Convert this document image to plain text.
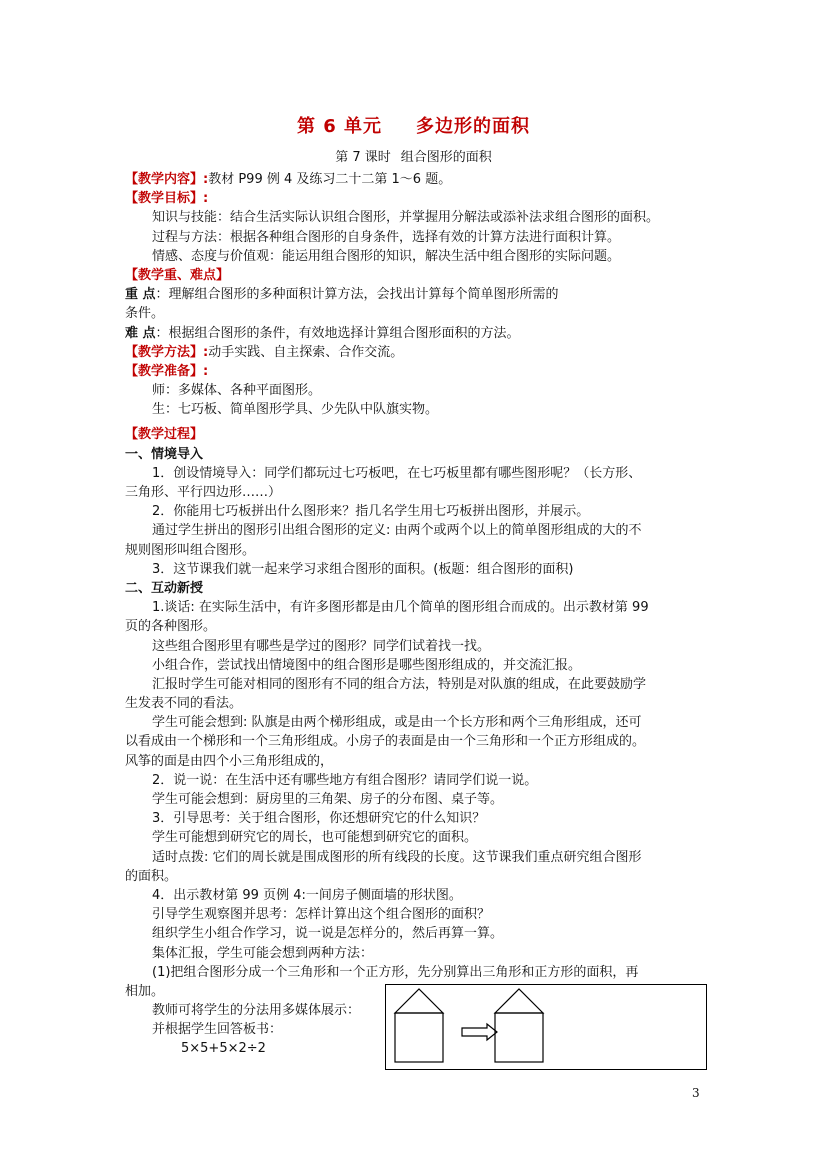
第 6 单元 多边形的面积
第 7 课时 组合图形的面积
【教学内容】:教材 P99 例 4 及练习二十二第 1～6 题。
【教学目标】:
知识与技能：结合生活实际认识组合图形，并掌握用分解法或添补法求组合图形的面积。
过程与方法：根据各种组合图形的自身条件，选择有效的计算方法进行面积计算。
情感、态度与价值观：能运用组合图形的知识，解决生活中组合图形的实际问题。
【教学重、难点】
重 点：理解组合图形的多种面积计算方法，会找出计算每个简单图形所需的
条件。
难 点：根据组合图形的条件，有效地选择计算组合图形面积的方法。
【教学方法】:动手实践、自主探索、合作交流。
【教学准备】:
师：多媒体、各种平面图形。
生：七巧板、简单图形学具、少先队中队旗实物。
【教学过程】
一、情境导入
1．创设情境导入：同学们都玩过七巧板吧，在七巧板里都有哪些图形呢？（长方形、
三角形、平行四边形……）
2．你能用七巧板拼出什么图形来？指几名学生用七巧板拼出图形，并展示。
通过学生拼出的图形引出组合图形的定义: 由两个或两个以上的简单图形组成的大的不
规则图形叫组合图形。
3．这节课我们就一起来学习求组合图形的面积。(板题：组合图形的面积)
二、互动新授
1.谈话: 在实际生活中，有许多图形都是由几个简单的图形组合而成的。出示教材第 99
页的各种图形。
这些组合图形里有哪些是学过的图形？同学们试着找一找。
小组合作，尝试找出情境图中的组合图形是哪些图形组成的，并交流汇报。
汇报时学生可能对相同的图形有不同的组合方法，特别是对队旗的组成，在此要鼓励学
生发表不同的看法。
学生可能会想到: 队旗是由两个梯形组成，或是由一个长方形和两个三角形组成，还可
以看成由一个梯形和一个三角形组成。小房子的表面是由一个三角形和一个正方形组成的。
风筝的面是由四个小三角形组成的，
2．说一说：在生活中还有哪些地方有组合图形？请同学们说一说。
学生可能会想到：厨房里的三角架、房子的分布图、桌子等。
3．引导思考：关于组合图形，你还想研究它的什么知识？
学生可能想到研究它的周长，也可能想到研究它的面积。
适时点拨: 它们的周长就是围成图形的所有线段的长度。这节课我们重点研究组合图形
的面积。
4．出示教材第 99 页例 4:一间房子侧面墙的形状图。
引导学生观察图并思考：怎样计算出这个组合图形的面积？
组织学生小组合作学习，说一说是怎样分的，然后再算一算。
集体汇报，学生可能会想到两种方法：
(1)把组合图形分成一个三角形和一个正方形，先分别算出三角形和正方形的面积，再
相加。
教师可将学生的分法用多媒体展示：
并根据学生回答板书：
5×5+5×2÷2
3
